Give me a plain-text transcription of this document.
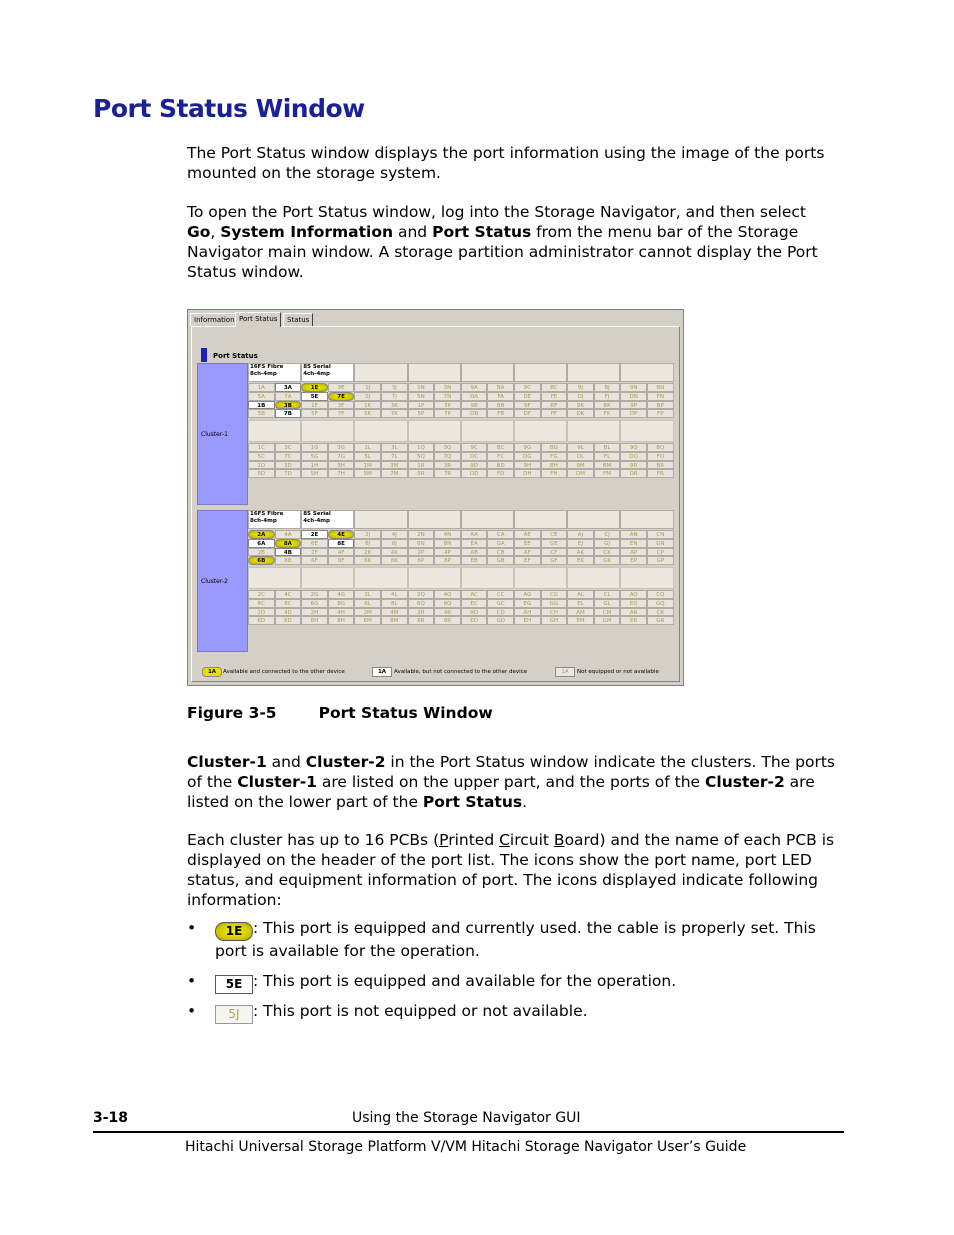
Port Status Window
The Port Status window displays the port information using the image of the ports mounted on the storage system.
To open the Port Status window, log into the Storage Navigator, and then select Go, System Information and Port Status from the menu bar of the Storage Navigator main window. A storage partition administrator cannot display the Port Status window.
Information Port Status	Status
Port Status
Cluster-1
Cluster-2
16FS Fibre
8ch-4mp
8S Serial
4ch-4mp
1A	3A	1E	3E	1J	3J	1N	3N	9A	BA	9C	BC	9J	BJ	9N	BN
5A	7A	5E	7E	5J	7J	5N	7N	DA	FA	DE	FE	DJ	FJ	DN	FN
1B	3B	1F	3F	1K	3K	1P	3P	9B	BB	9F	BF	9K	BK	9P	BP
5B	7B	5F	7F	5K	7K	5P	7P	DB	FB	DF	FF	DK	FK	DP	FP
1C	3C	1G	3G	1L	3L	1Q	3Q	9C	BC	9G	BG	9L	BL	9Q	BQ
5C	7C	5G	7G	5L	7L	5Q	7Q	DC	FC	DG	FG	DL	FL	DQ	FQ
1D	3D	1H	3H	1M	3M	1R	3R	9D	BD	9H	BH	9M	BM	9R	BR
5D	7D	5H	7H	5M	7M	5R	7R	DD	FD	DH	FH	DM	FM	DR	FR
16FS Fibre
8ch-4mp
8S Serial
4ch-4mp
2A	4A	2E	4E	2J	4J	2N	4N	AA	CA	AE	CE	AJ	CJ	AN	CN
6A	8A	6E	8E	6J	8J	6N	8N	EA	GA	EE	GE	EJ	GJ	EN	GN
2B	4B	2F	4F	2K	4K	2P	4P	AB	CB	AF	CF	AK	CK	AP	CP
6B	8B	6F	8F	6K	8K	6P	8P	EB	GB	EF	GF	EK	GK	EP	GP
2C	4C	2G	4G	2L	4L	2Q	4Q	AC	CC	AG	CG	AL	CL	AQ	CQ
6C	8C	6G	8G	6L	8L	6Q	8Q	EC	GC	EG	GG	EL	GL	EQ	GQ
2D	4D	2H	4H	2M	4M	2R	4R	AD	CD	AH	CH	AM	CM	AR	CR
6D	8D	6H	8H	6M	8M	6R	8R	ED	GD	EH	GH	EM	GM	ER	GR
1A	Available and connected to the other device	1A	Available, but not connected to the other device	1A	Not equipped or not available
Figure 3-5	Port Status Window
Cluster-1 and Cluster-2 in the Port Status window indicate the clusters. The ports of the Cluster-1 are listed on the upper part, and the ports of the Cluster-2 are listed on the lower part of the Port Status.
Each cluster has up to 16 PCBs (Printed Circuit Board) and the name of each PCB is displayed on the header of the port list. The icons show the port name, port LED status, and equipment information of port. The icons displayed indicate following information:
•	1E : This port is equipped and currently used. the cable is properly set. This port is available for the operation.
•	5E : This port is equipped and available for the operation.
•	5J : This port is not equipped or not available.
3-18	Using the Storage Navigator GUI
Hitachi Universal Storage Platform V/VM Hitachi Storage Navigator User’s Guide
